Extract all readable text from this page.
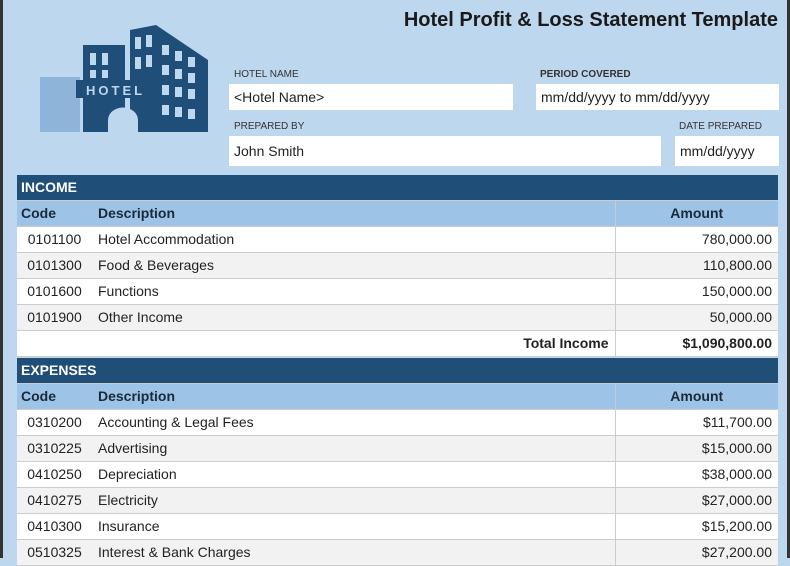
Hotel Profit & Loss Statement Template
HOTEL
HOTEL NAME
<Hotel Name>
PERIOD COVERED
mm/dd/yyyy to mm/dd/yyyy
PREPARED BY
John Smith
DATE PREPARED
mm/dd/yyyy
INCOME		
Code	Description	Amount
0101100	Hotel Accommodation	780,000.00
0101300	Food & Beverages	110,800.00
0101600	Functions	150,000.00
0101900	Other Income	50,000.00
Total Income		$1,090,800.00
EXPENSES		
Code	Description	Amount
0310200	Accounting & Legal Fees	$11,700.00
0310225	Advertising	$15,000.00
0410250	Depreciation	$38,000.00
0410275	Electricity	$27,000.00
0410300	Insurance	$15,200.00
0510325	Interest & Bank Charges	$27,200.00
